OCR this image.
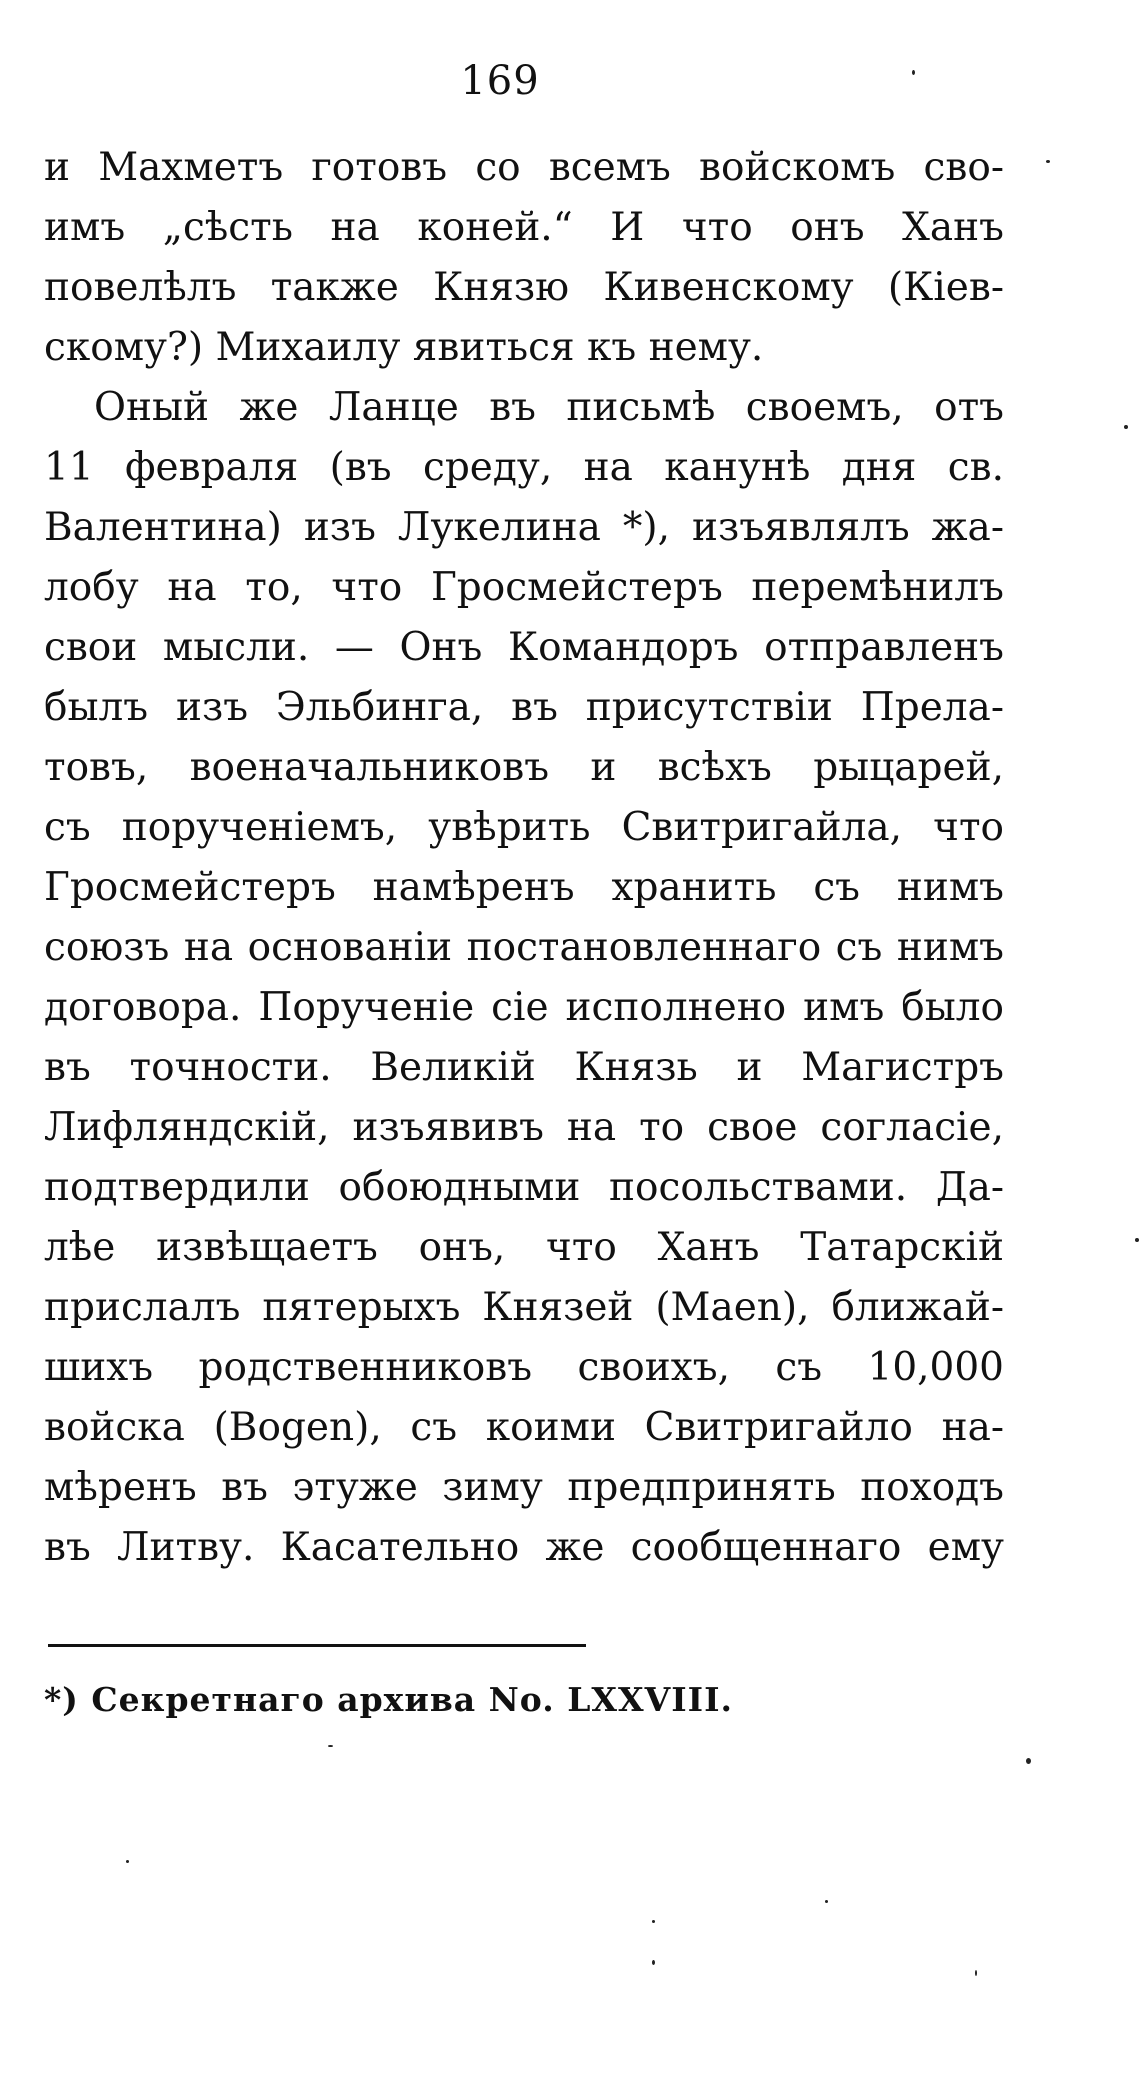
169
и Махметъ готовъ со всемъ войскомъ сво-
имъ „сѣсть на коней.“ И что онъ Ханъ
повелѣлъ также Князю Кивенскому (Кiев-
скому?) Михаилу явиться къ нему.
Оный же Ланце въ письмѣ своемъ, отъ
11 февраля (въ среду, на канунѣ дня св.
Валентина) изъ Лукелина *), изъявлялъ жа-
лобу на то, что Гросмейстеръ перемѣнилъ
свои мысли. — Онъ Командоръ отправленъ
былъ изъ Эльбинга, въ присутствiи Прела-
товъ, военачальниковъ и всѣхъ рыцарей,
съ порученiемъ, увѣрить Свитригайла, что
Гросмейстеръ намѣренъ хранить съ нимъ
союзъ на основанiи постановленнаго съ нимъ
договора. Порученiе сiе исполнено имъ было
въ точности. Великiй Князь и Магистръ
Лифляндскiй, изъявивъ на то свое согласiе,
подтвердили обоюдными посольствами. Да-
лѣе извѣщаетъ онъ, что Ханъ Татарскiй
прислалъ пятерыхъ Князей (Maen), ближай-
шихъ родственниковъ своихъ, съ 10,000
войска (Bogen), съ коими Свитригайло на-
мѣренъ въ этуже зиму предпринять походъ
въ Литву. Касательно же сообщеннаго ему
*) Секретнаго архива No. LXXVIII.
